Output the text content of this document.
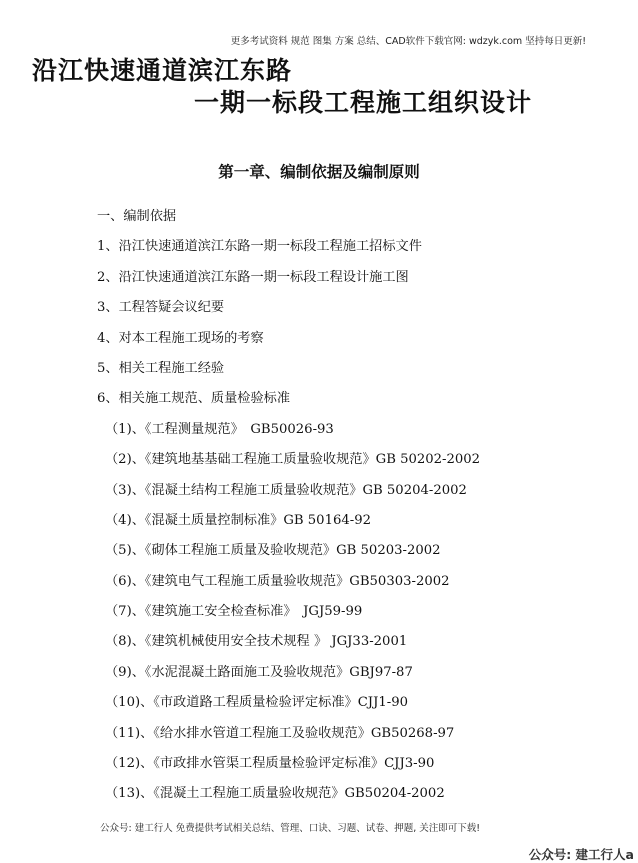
更多考试资料 规范 图集 方案 总结、CAD软件下载官网: wdzyk.com 坚持每日更新!
沿江快速通道滨江东路
一期一标段工程施工组织设计
第一章、编制依据及编制原则
一、编制依据
1、沿江快速通道滨江东路一期一标段工程施工招标文件
2、沿江快速通道滨江东路一期一标段工程设计施工图
3、工程答疑会议纪要
4、对本工程施工现场的考察
5、相关工程施工经验
6、相关施工规范、质量检验标准
（1)、《工程测量规范》　GB50026-93
（2)、《建筑地基基础工程施工质量验收规范》GB 50202-2002
（3)、《混凝土结构工程施工质量验收规范》GB 50204-2002
（4)、《混凝土质量控制标准》GB 50164-92
（5)、《砌体工程施工质量及验收规范》GB 50203-2002
（6)、《建筑电气工程施工质量验收规范》GB50303-2002
（7)、《建筑施工安全检查标准》　JGJ59-99
（8)、《建筑机械使用安全技术规程 》 JGJ33-2001
（9)、《水泥混凝土路面施工及验收规范》GBJ97-87
（10)、《市政道路工程质量检验评定标准》CJJ1-90
（11)、《给水排水管道工程施工及验收规范》GB50268-97
（12)、《市政排水管渠工程质量检验评定标准》CJJ3-90
（13)、《混凝土工程施工质量验收规范》GB50204-2002
公众号: 建工行人 免费提供考试相关总结、管理、口诀、习题、试卷、押题, 关注即可下载!
公众号: 建工行人a
